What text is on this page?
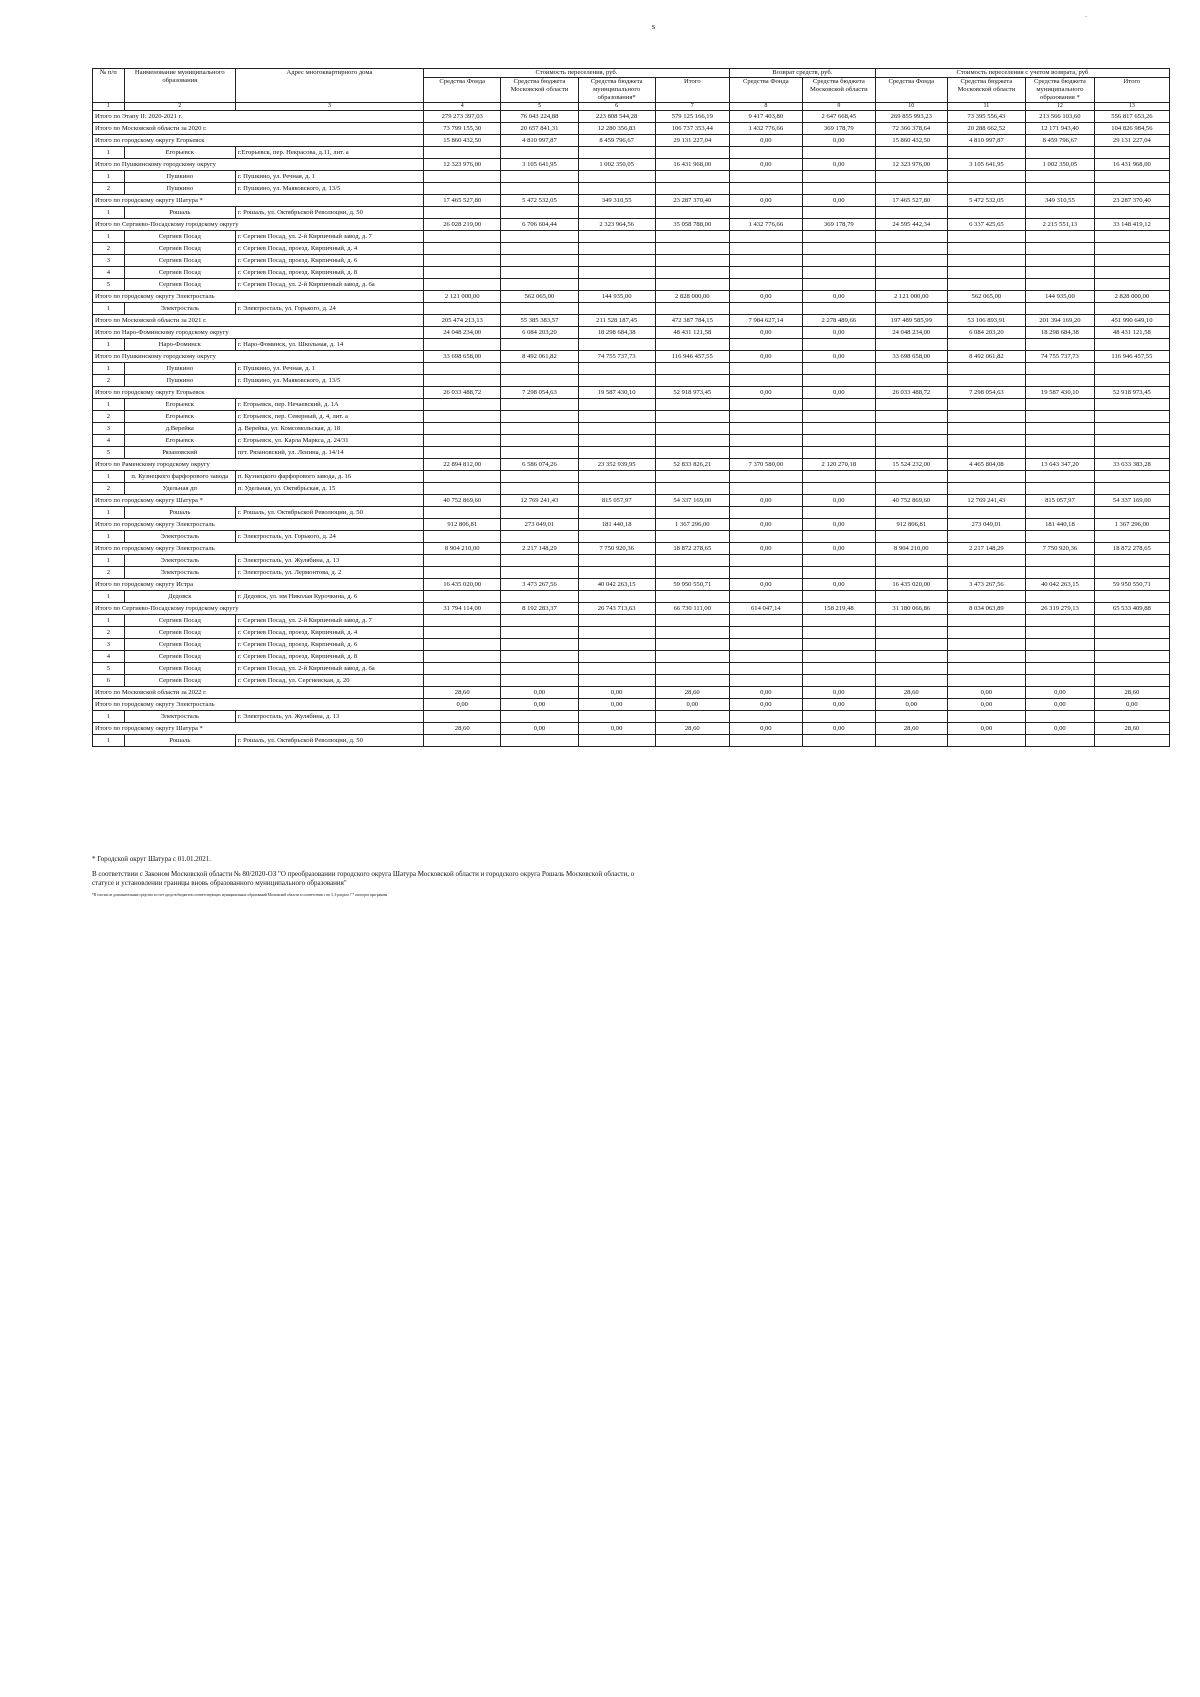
s
.
№ п/п	Наименование муниципального образования	Адрес многоквартирного дома	Стоимость переселения, руб.				Возврат средств, руб.		Стоимость переселения с учетом возврата, руб			
			Средства Фонда	Средства бюджета Московской области	Средства бюджета муниципального образования*	Итого	Средства Фонда	Средства бюджета Московской области	Средства Фонда	Средства бюджета Московской области	Средства бюджета муниципального образования *	Итого
1	2	3	4	5	6	7	8	9	10	11	12	13
Итого по Этапу II: 2020-2021 г.			279 273 397,03	76 043 224,88	223 808 544,28	579 125 166,19	9 417 403,80	2 647 668,45	269 855 993,23	73 395 556,43	213 566 103,60	556 817 653,26
Итого по Московской области за 2020 г.			73 799 155,30	20 657 841,31	12 280 356,83	106 737 353,44	1 432 776,66	369 178,79	72 366 378,64	20 288 662,52	12 171 943,40	104 826 984,56
Итого по городскому округу Егорьевск			15 860 432,50	4 810 997,87	8 459 796,67	29 131 227,04	0,00	0,00	15 860 432,50	4 810 997,87	8 459 796,67	29 131 227,04
1	Егорьевск	г.Егорьевск, пер. Некрасова, д.11, лит. а										
Итого по Пушкинскому городскому округу			12 323 976,00	3 105 641,95	1 002 350,05	16 431 968,00	0,00	0,00	12 323 976,00	3 105 641,95	1 002 350,05	16 431 968,00
1	Пушкино	г. Пушкино, ул. Речная, д. 1										
2	Пушкино	г. Пушкино, ул. Маяковского, д. 13/5										
Итого по городскому округу Шатура *			17 465 527,80	5 472 532,05	349 310,55	23 287 370,40	0,00	0,00	17 465 527,80	5 472 532,05	349 310,55	23 287 370,40
1	Рошаль	г. Рошаль, ул. Октябрьской Революции, д. 50										
Итого по Сергиево-Посадскому городскому округу			26 028 219,00	6 706 604,44	2 323 964,56	35 058 788,00	1 432 776,66	369 178,79	24 595 442,34	6 337 425,65	2 215 551,13	33 148 419,12
1	Сергиев Посад	г. Сергиев Посад, ул. 2-й Кирпичный завод, д. 7										
2	Сергиев Посад	г. Сергиев Посад, проезд. Кирпичный, д. 4										
3	Сергиев Посад	г. Сергиев Посад, проезд. Кирпичный, д. 6										
4	Сергиев Посад	г. Сергиев Посад, проезд. Кирпичный, д. 8										
5	Сергиев Посад	г. Сергиев Посад, ул. 2-й Кирпичный завод, д. 6а										
Итого по городскому округу Электросталь			2 121 000,00	562 065,00	144 935,00	2 828 000,00	0,00	0,00	2 121 000,00	562 065,00	144 935,00	2 828 000,00
1	Электросталь	г. Электросталь, ул. Горького, д. 24										
Итого по Московской области за 2021 г.			205 474 213,13	55 385 383,57	211 528 187,45	472 387 784,15	7 984 627,14	2 278 489,66	197 489 585,99	53 106 893,91	201 394 169,20	451 990 649,10
Итого по Наро-Фоминскому городскому округу			24 048 234,00	6 084 203,20	18 298 684,38	48 431 121,58	0,00	0,00	24 048 234,00	6 084 203,20	18 298 684,38	48 431 121,58
1	Наро-Фоминск	г. Наро-Фоминск, ул. Школьная, д. 14										
Итого по Пушкинскому городскому округу			33 698 658,00	8 492 061,82	74 755 737,73	116 946 457,55	0,00	0,00	33 698 658,00	8 492 061,82	74 755 737,73	116 946 457,55
1	Пушкино	г. Пушкино, ул. Речная, д. 1										
2	Пушкино	г. Пушкино, ул. Маяковского, д. 13/5										
Итого по городскому округу Егорьевск			26 033 488,72	7 298 054,63	19 587 430,10	52 918 973,45	0,00	0,00	26 033 488,72	7 298 054,63	19 587 430,10	52 918 973,45
1	Егорьевск	г. Егорьевск, пер. Нечаевский, д. 1А										
2	Егорьевск	г. Егорьевск, пер. Северный, д. 4, лит. а										
3	д.Верейка	д. Верейка, ул. Комсомольская, д. 18										
4	Егорьевск	г. Егорьевск, ул. Карла Маркса, д. 24/31										
5	Рязановский	пгт. Рязановский, ул. Ленина, д. 14/14										
Итого по Раменскому городскому округу			22 894 812,00	6 586 074,26	23 352 939,95	52 833 826,21	7 370 580,00	2 120 270,18	15 524 232,00	4 465 804,08	13 643 347,20	33 633 383,28
1	п. Кузнецкого фарфорового завода	п. Кузнецкого фарфорового завода, д. 16										
2	Удельная дп	п. Удельная, ул. Октябрьская, д. 15										
Итого по городскому округу Шатура *			40 752 869,60	12 769 241,43	815 057,97	54 337 169,00	0,00	0,00	40 752 869,60	12 769 241,43	815 057,97	54 337 169,00
1	Рошаль	г. Рошаль, ул. Октябрьской Революции, д. 50										
Итого по городскому округу Электросталь			912 806,81	273 049,01	181 440,18	1 367 296,00	0,00	0,00	912 806,81	273 049,01	181 440,18	1 367 296,00
1	Электросталь	г. Электросталь, ул. Горького, д. 24										
Итого по городскому округу Электросталь			8 904 210,00	2 217 148,29	7 750 920,36	18 872 278,65	0,00	0,00	8 904 210,00	2 217 148,29	7 750 920,36	18 872 278,65
1	Электросталь	г. Электросталь, ул. Жулябина, д. 13										
2	Электросталь	г. Электросталь, ул. Лермонтова, д. 2										
Итого по городскому округу Истра			16 435 020,00	3 473 267,56	40 042 263,15	59 950 550,71	0,00	0,00	16 435 020,00	3 473 267,56	40 042 263,15	59 950 550,71
1	Дедовск	г. Дедовск, ул. им Николая Курочкина, д. 6										
Итого по Сергиево-Посадскому городскому округу			31 794 114,00	8 192 283,37	26 743 713,63	66 730 111,00	614 047,14	158 219,48	31 180 066,86	8 034 063,89	26 319 279,13	65 533 409,88
1	Сергиев Посад	г. Сергиев Посад, ул. 2-й Кирпичный завод, д. 7										
2	Сергиев Посад	г. Сергиев Посад, проезд. Кирпичный, д. 4										
3	Сергиев Посад	г. Сергиев Посад, проезд. Кирпичный, д. 6										
4	Сергиев Посад	г. Сергиев Посад, проезд. Кирпичный, д. 8										
5	Сергиев Посад	г. Сергиев Посад, ул. 2-й Кирпичный завод, д. 6а										
6	Сергиев Посад	г. Сергиев Посад, ул. Сергиевская, д. 20										
Итого по Московской области за 2022 г.			28,60	0,00	0,00	28,60	0,00	0,00	28,60	0,00	0,00	28,60
Итого по городскому округу Электросталь			0,00	0,00	0,00	0,00	0,00	0,00	0,00	0,00	0,00	0,00
1	Электросталь	г. Электросталь, ул. Жулябина, д. 13										
Итого по городскому округу Шатура *			28,60	0,00	0,00	28,60	0,00	0,00	28,60	0,00	0,00	28,60
1	Рошаль	г. Рошаль, ул. Октябрьской Революции, д. 50										
* Городской округ Шатура с 01.01.2021.
В соответствии с Законом Московской области № 80/2020-ОЗ "О преобразовании городского округа Шатура Московской области и городского округа Рошаль Московской области, о
статусе и установлении границы вновь образованного муниципального образования"
*В том числе дополнительные средства за счет средств бюджетов соответствующих муниципальных образований Московской области в соответствии с пп 3, 4 раздела 7 * паспорта программы
